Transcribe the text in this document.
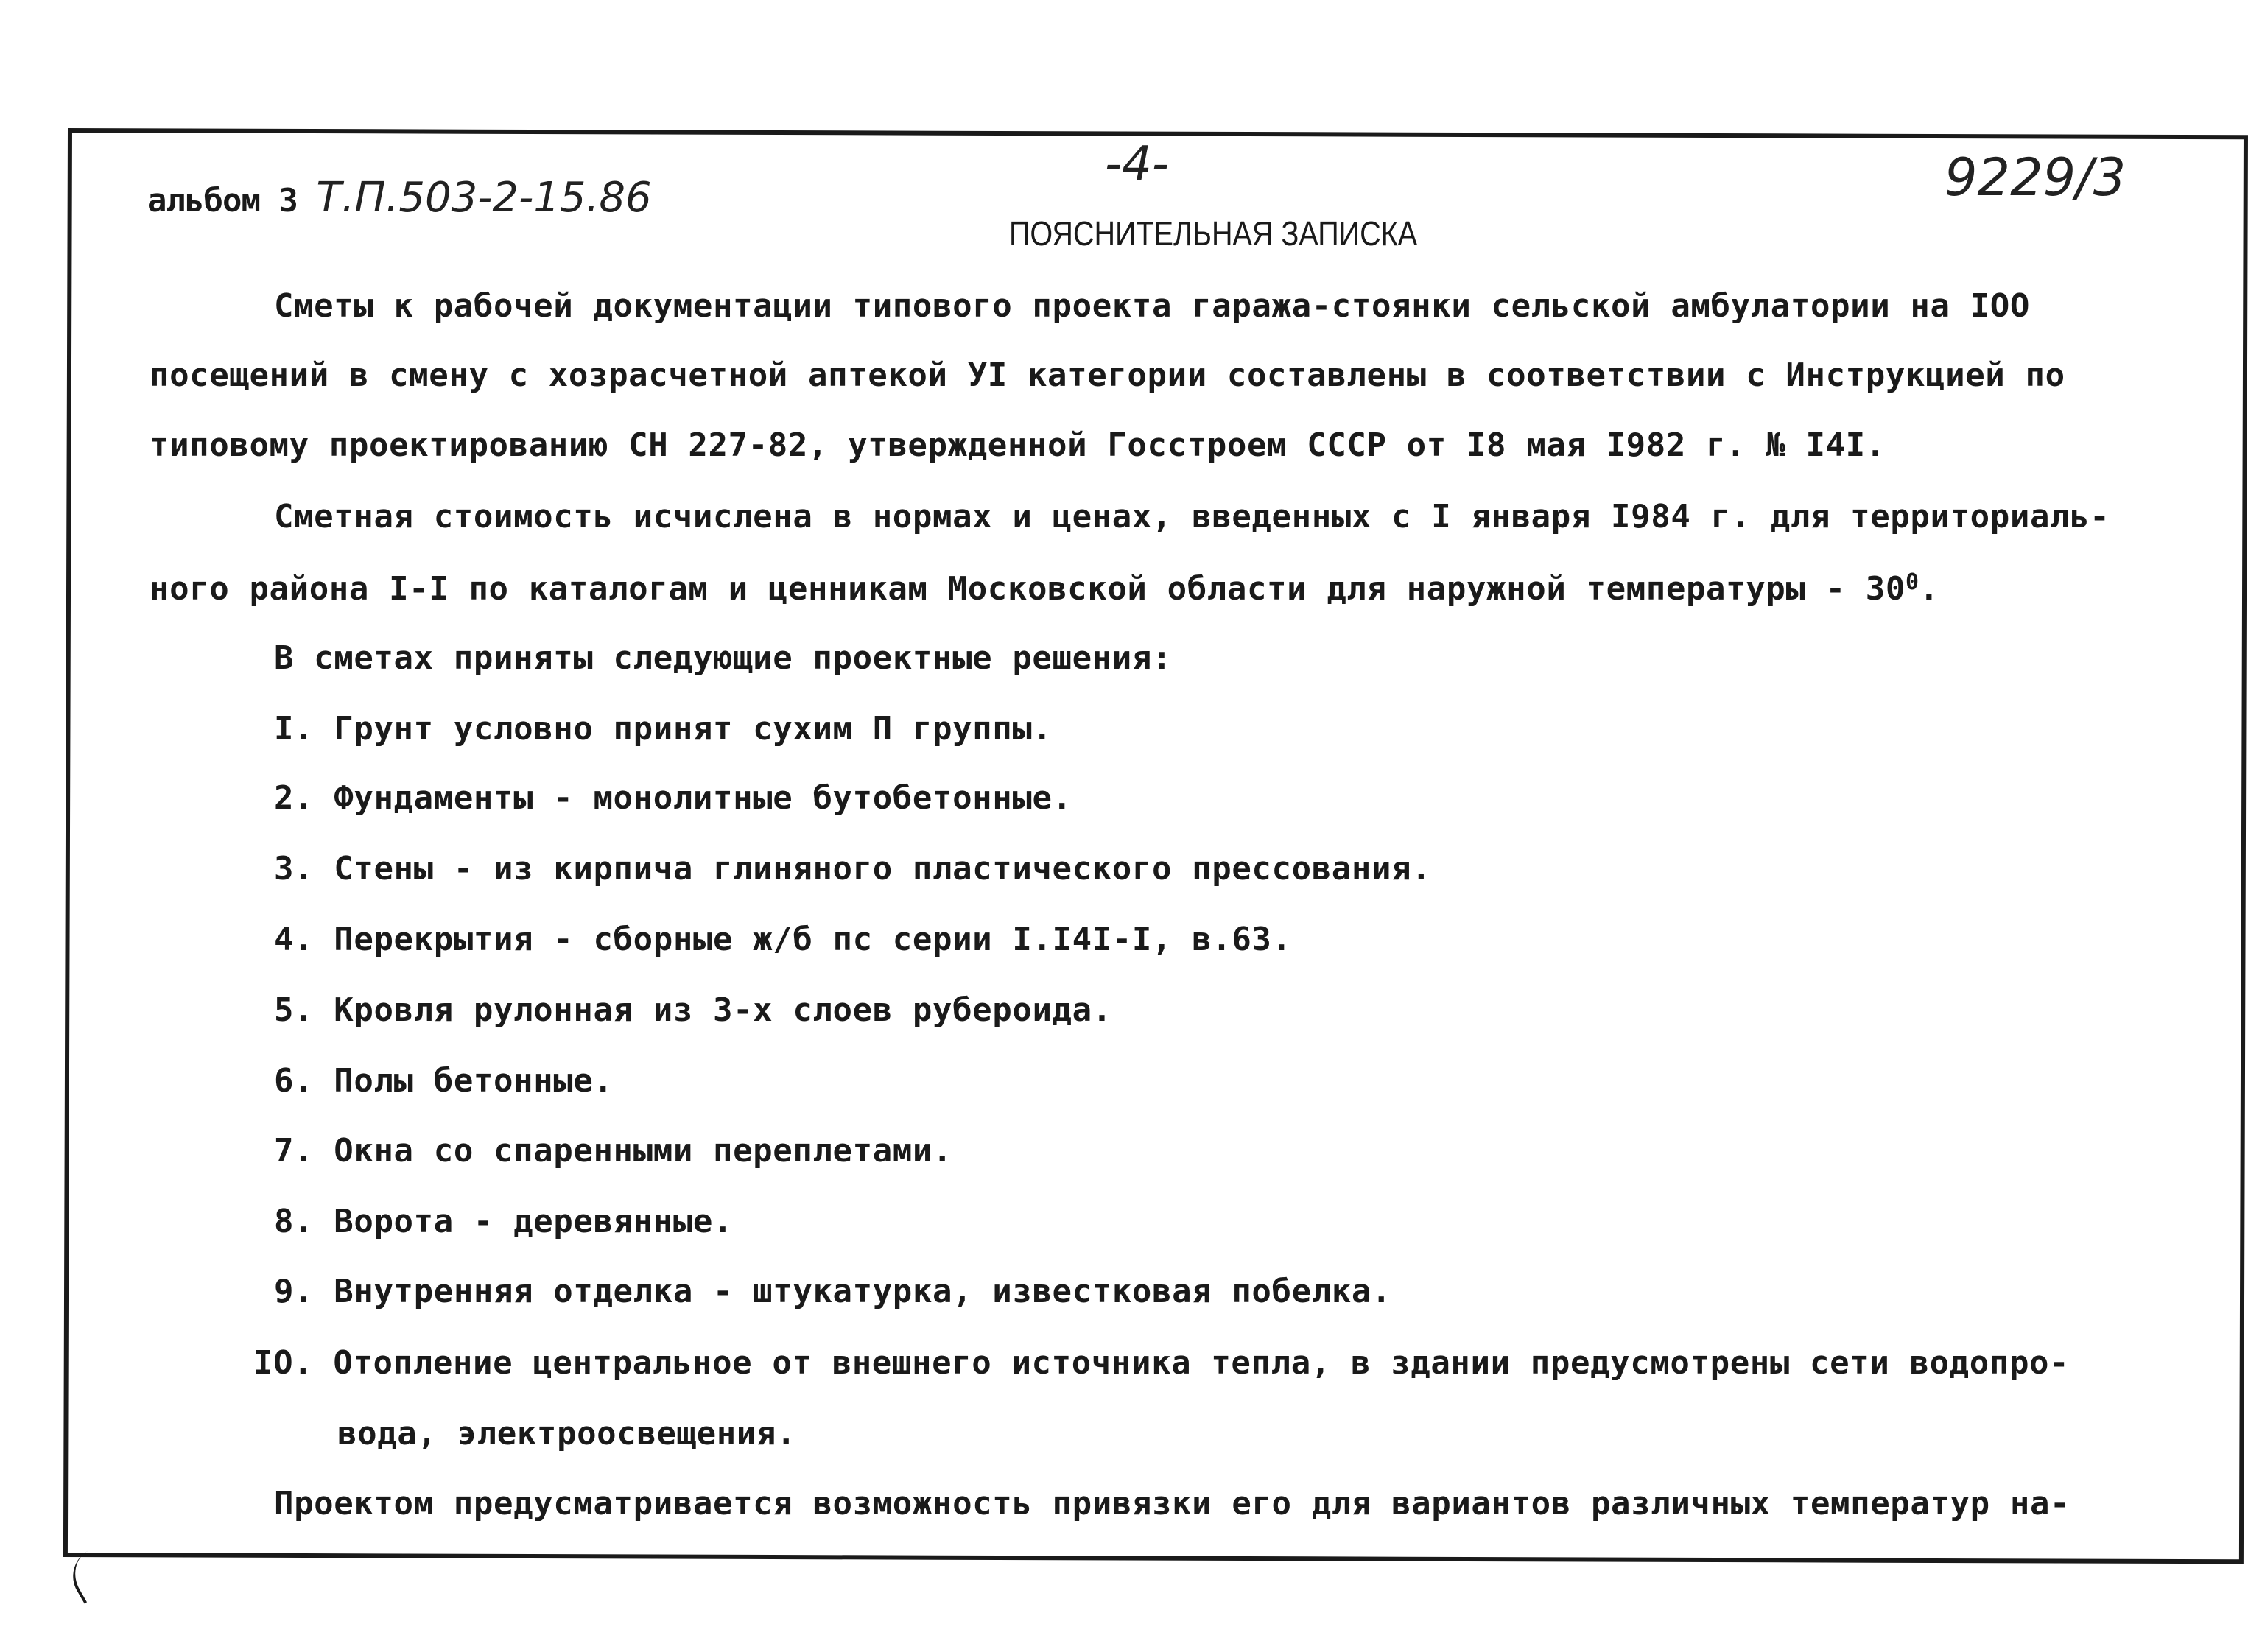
альбом 3 Т.П.503-2-15.86
-4-	9229/3
ПОЯСНИТЕЛЬНАЯ ЗАПИСКА
Сметы к рабочей документации типового проекта гаража-стоянки сельской амбулатории на IOO
посещений в смену с хозрасчетной аптекой УI категории составлены в соответствии с Инструкцией по
типовому проектированию СН 227-82, утвержденной Госстроем СССР от I8 мая I982 г. № I4I.
Сметная стоимость исчислена в нормах и ценах, введенных с I января I984 г. для территориаль-
ного района I-I по каталогам и ценникам Московской области для наружной температуры - $30^0$.
В сметах приняты следующие проектные решения:
I. Грунт условно принят сухим П группы.
2. Фундаменты - монолитные бутобетонные.
3. Стены - из кирпича глиняного пластического прессования.
4. Перекрытия - сборные ж/б пс серии I.I4I-I, в.63.
5. Кровля рулонная из 3-х слоев рубероида.
6. Полы бетонные.
7. Окна со спаренными переплетами.
8. Ворота - деревянные.
9. Внутренняя отделка - штукатурка, известковая побелка.
IO. Отопление центральное от внешнего источника тепла, в здании предусмотрены сети водопро-
вода, электроосвещения.
Проектом предусматривается возможность привязки его для вариантов различных температур на-
